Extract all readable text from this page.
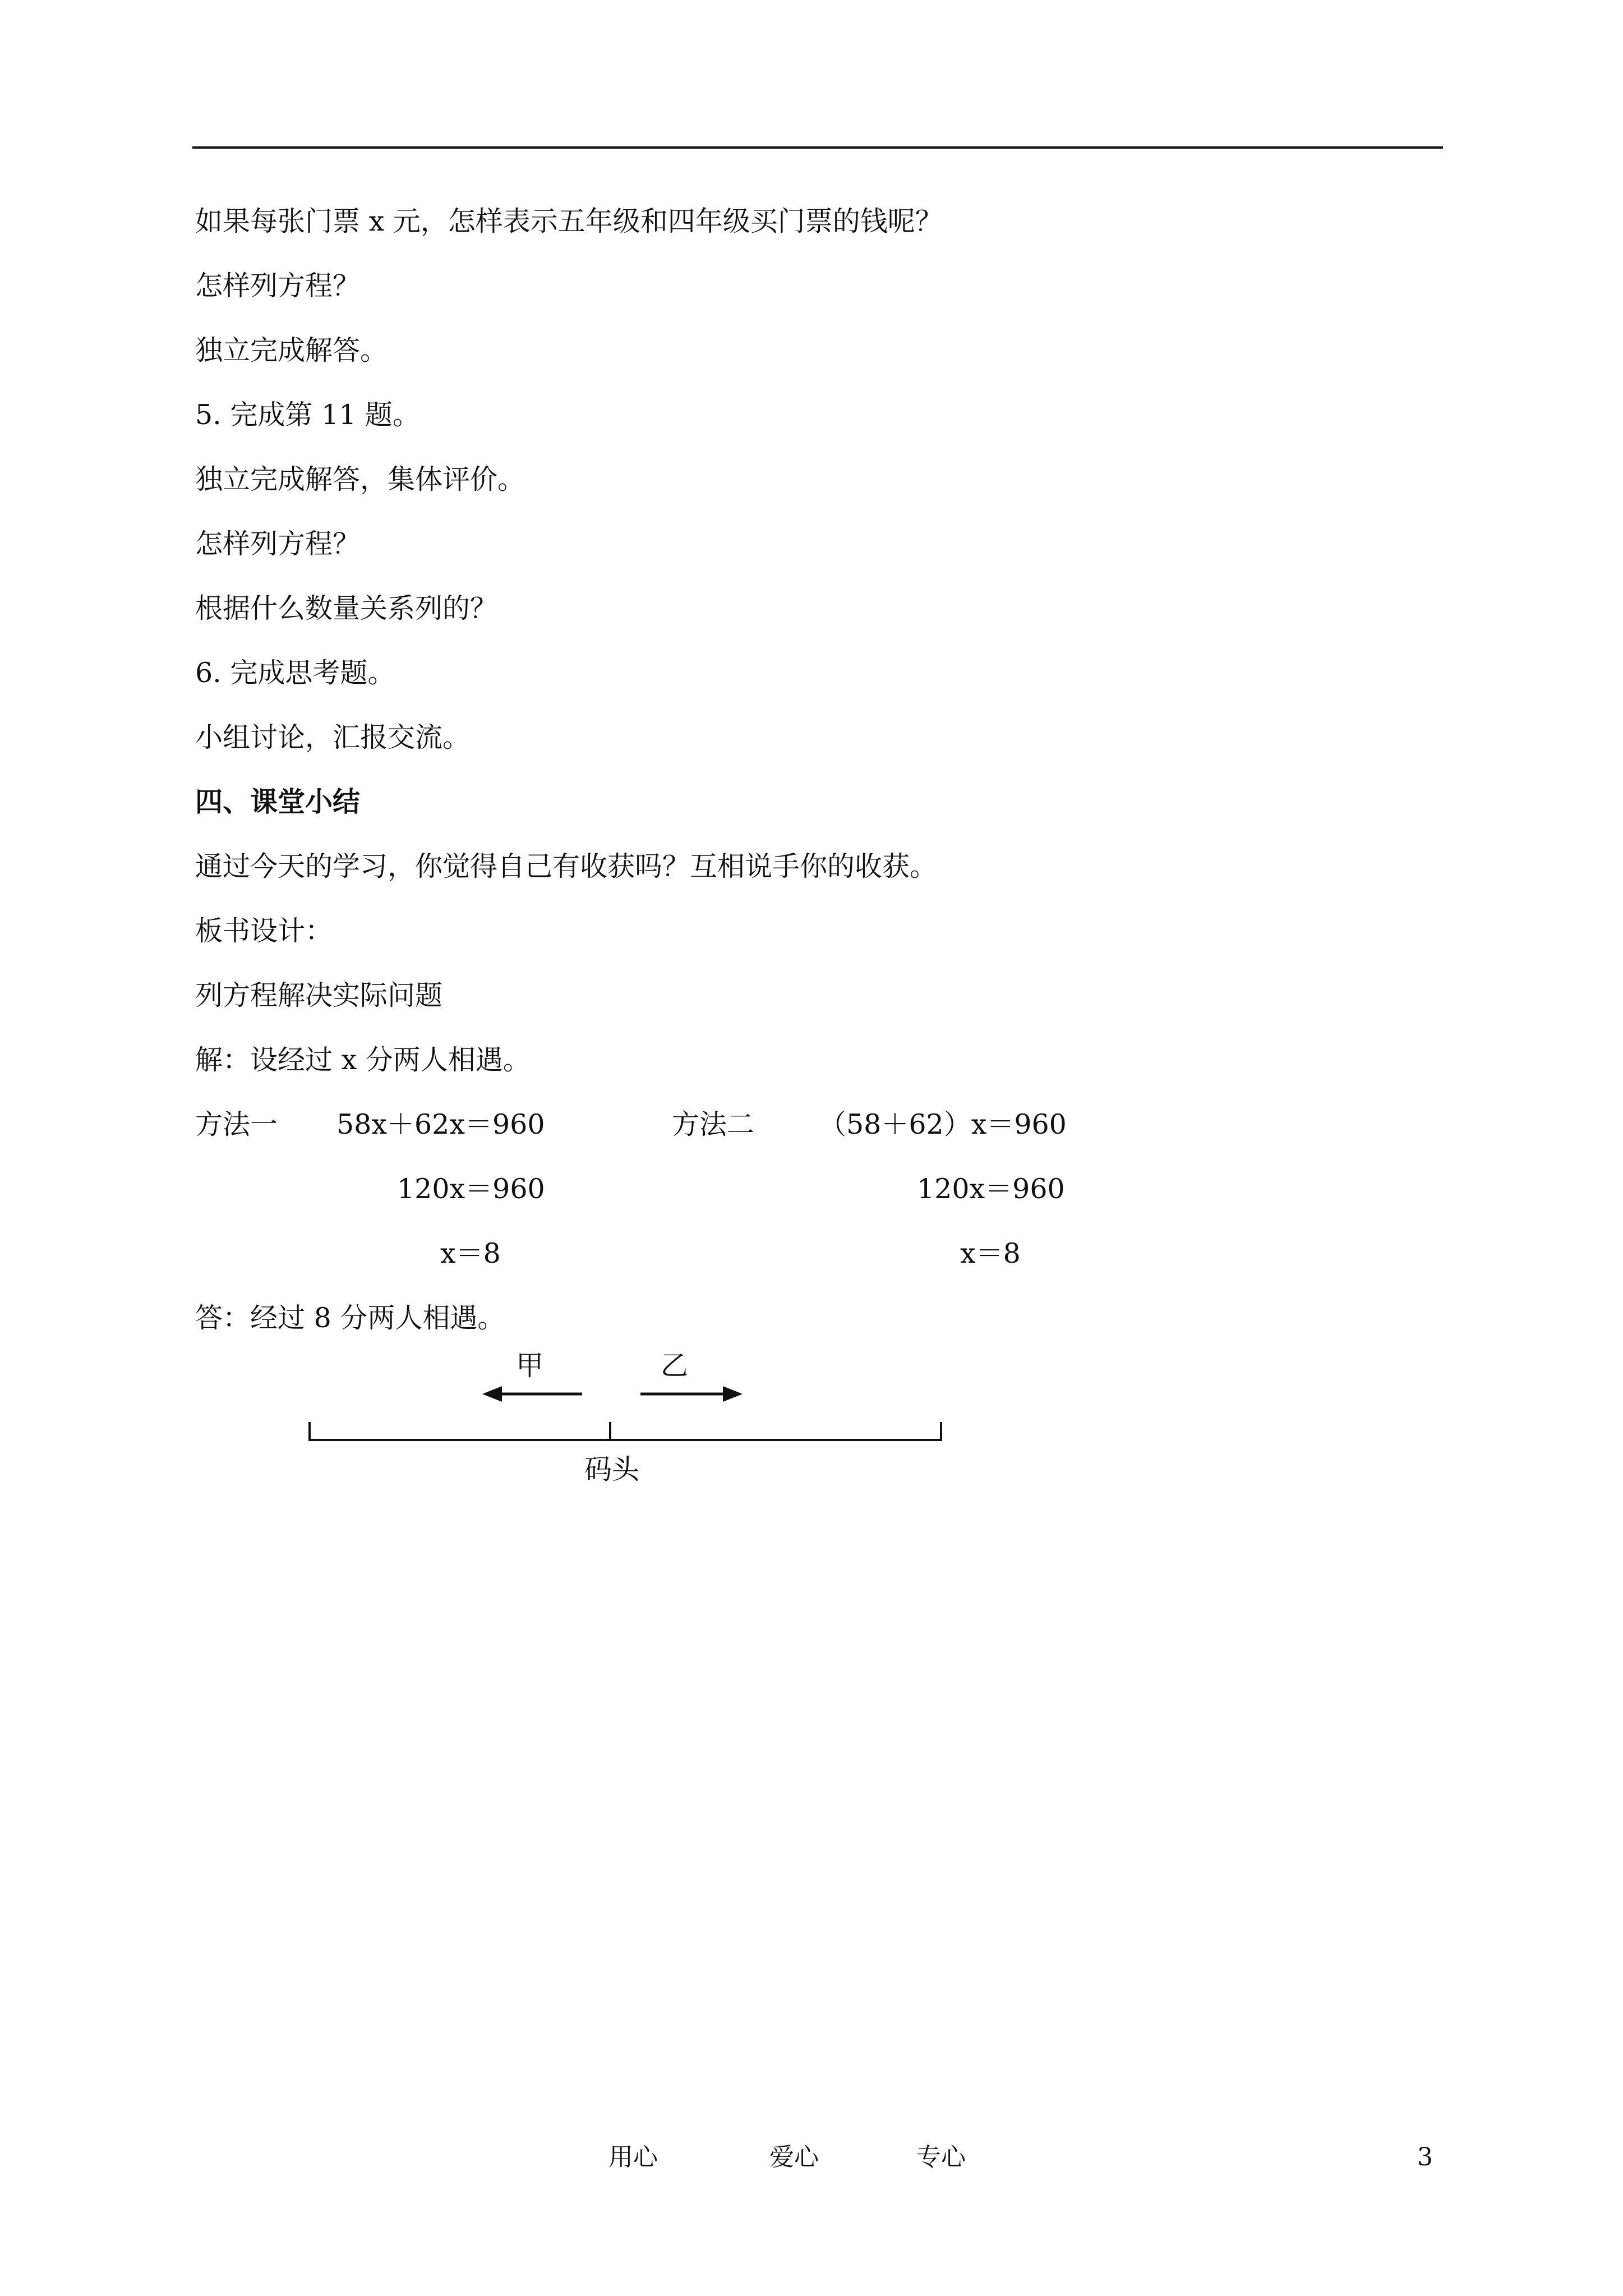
如果每张门票 x 元，怎样表示五年级和四年级买门票的钱呢？
怎样列方程？
独立完成解答。
5. 完成第 11 题。
独立完成解答，集体评价。
怎样列方程？
根据什么数量关系列的？
6. 完成思考题。
小组讨论，汇报交流。
四、课堂小结
通过今天的学习，你觉得自己有收获吗？互相说手你的收获。
板书设计：
列方程解决实际问题
解：设经过 x 分两人相遇。
方法一 58x＋62x＝960
120x＝960
x＝8
方法二 （58＋62）x＝960
120x＝960
x＝8
答：经过 8 分两人相遇。
甲	乙
码头
用心	爱心	专心	3
